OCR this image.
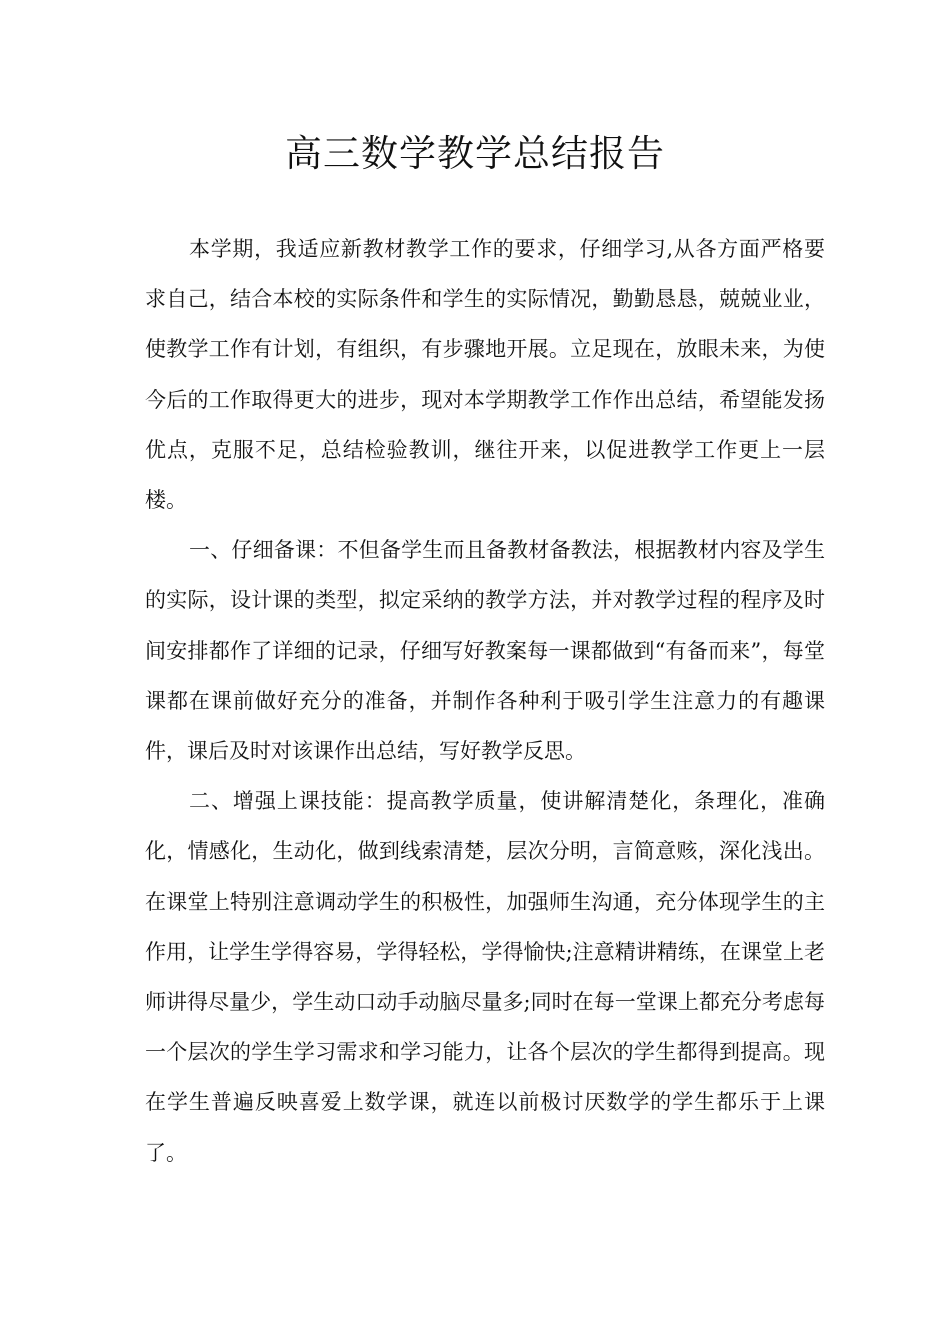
高三数学教学总结报告

本学期，我适应新教材教学工作的要求，仔细学习,从各方面严格要求自己，结合本校的实际条件和学生的实际情况，勤勤恳恳，兢兢业业，使教学工作有计划，有组织，有步骤地开展。立足现在，放眼未来，为使今后的工作取得更大的进步，现对本学期教学工作作出总结，希望能发扬优点，克服不足，总结检验教训，继往开来，以促进教学工作更上一层楼。

一、仔细备课：不但备学生而且备教材备教法，根据教材内容及学生的实际，设计课的类型，拟定采纳的教学方法，并对教学过程的程序及时间安排都作了详细的记录，仔细写好教案每一课都做到“有备而来”，每堂课都在课前做好充分的准备，并制作各种利于吸引学生注意力的有趣课件，课后及时对该课作出总结，写好教学反思。

二、增强上课技能：提高教学质量，使讲解清楚化，条理化，准确化，情感化，生动化，做到线索清楚，层次分明，言简意赅，深化浅出。在课堂上特别注意调动学生的积极性，加强师生沟通，充分体现学生的主作用，让学生学得容易，学得轻松，学得愉快;注意精讲精练，在课堂上老师讲得尽量少，学生动口动手动脑尽量多;同时在每一堂课上都充分考虑每一个层次的学生学习需求和学习能力，让各个层次的学生都得到提高。现在学生普遍反映喜爱上数学课，就连以前极讨厌数学的学生都乐于上课了。
